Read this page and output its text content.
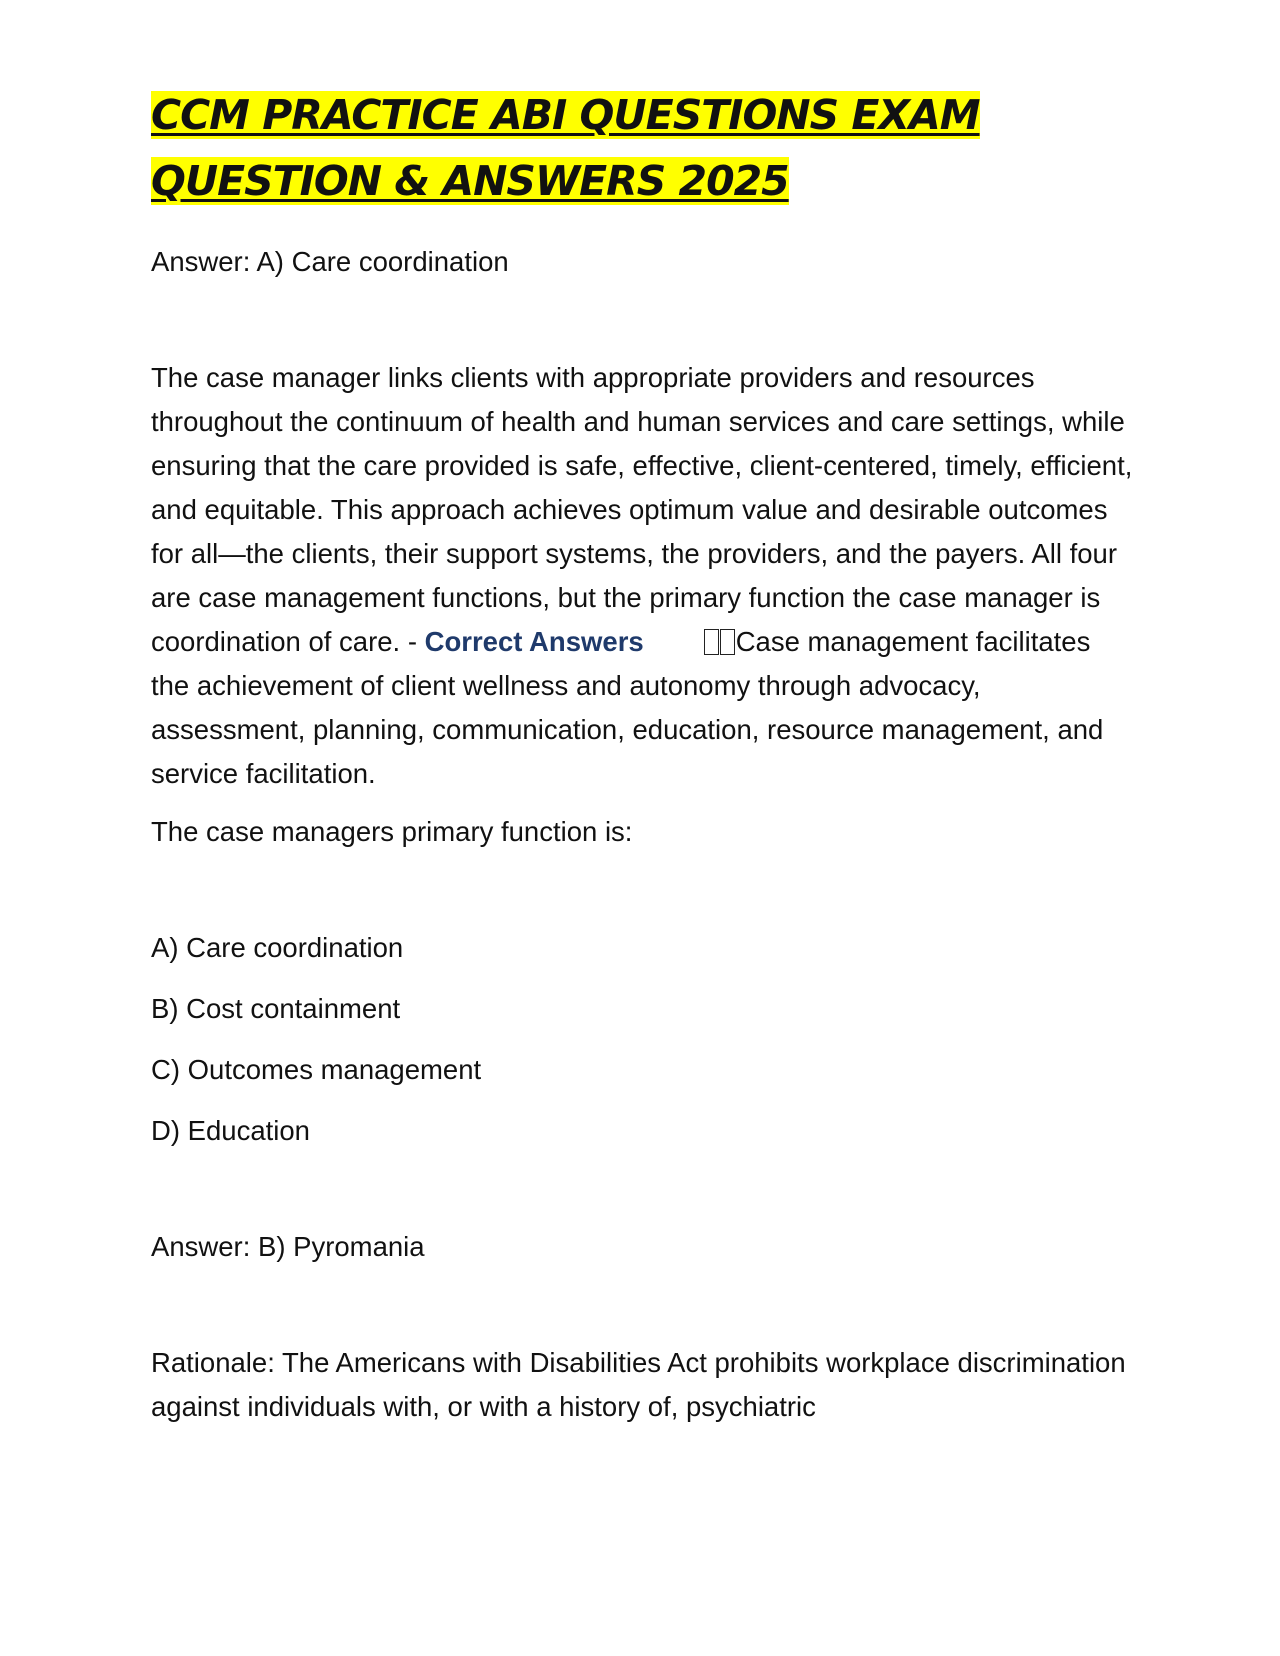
CCM PRACTICE ABI QUESTIONS EXAM
QUESTION & ANSWERS 2025

Answer: A) Care coordination

The case manager links clients with appropriate providers and resources throughout the continuum of health and human services and care settings, while ensuring that the care provided is safe, effective, client-centered, timely, efficient, and equitable. This approach achieves optimum value and desirable outcomes for all—the clients, their support systems, the providers, and the payers. All four are case management functions, but the primary function the case manager is coordination of care. - Correct Answers	Case management facilitates the achievement of client wellness and autonomy through advocacy, assessment, planning, communication, education, resource management, and service facilitation.

The case managers primary function is:

A) Care coordination

B) Cost containment

C) Outcomes management

D) Education

Answer: B) Pyromania

Rationale: The Americans with Disabilities Act prohibits workplace discrimination against individuals with, or with a history of, psychiatric
